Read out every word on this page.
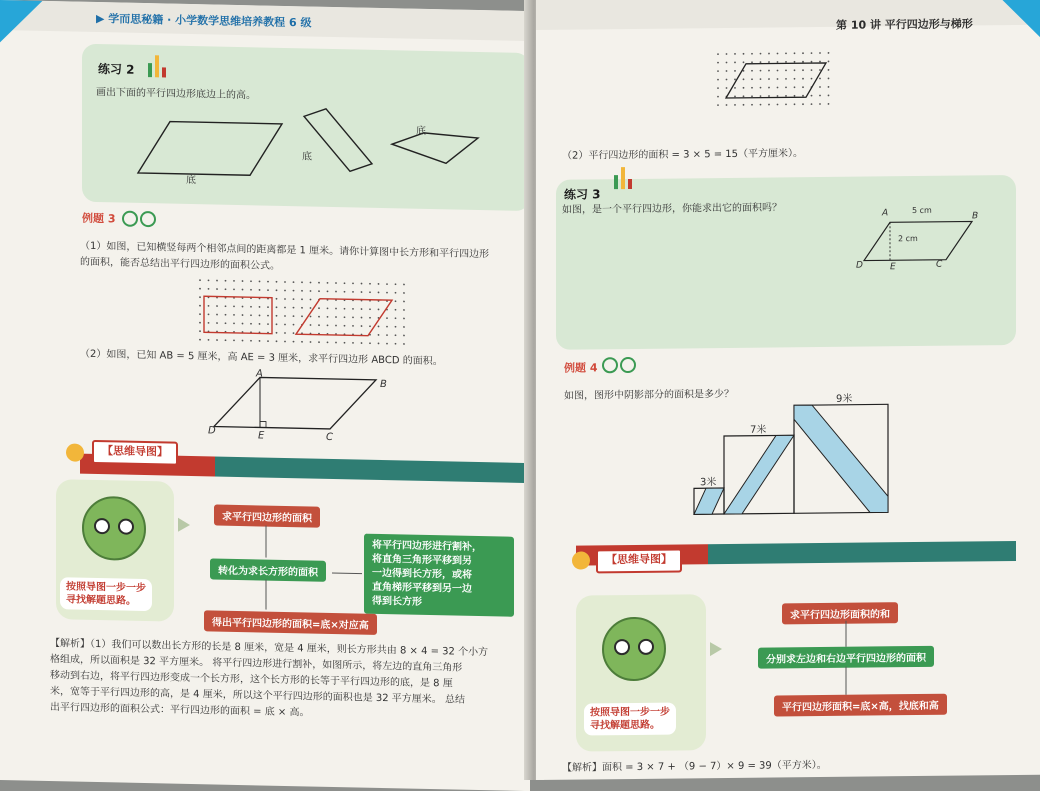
▶ 学而思秘籍 · 小学数学思维培养教程 6 级
练习 2
画出下面的平行四边形底边上的高。
底
底
底
例题 3
（1）如图，已知横竖每两个相邻点间的距离都是 1 厘米。请你计算图中长方形和平行四边形
的面积，能否总结出平行四边形的面积公式。
（2）如图，已知 AB = 5 厘米，高 AE = 3 厘米，求平行四边形 ABCD 的面积。
A
B
C
D	E
【思维导图】
按照导图一步一步
寻找解题思路。
求平行四边形的面积
转化为求长方形的面积
将平行四边形进行割补，
将直角三角形平移到另
一边得到长方形，或将
直角梯形平移到另一边
得到长方形
得出平行四边形的面积=底×对应高
【解析】（1）我们可以数出长方形的长是 8 厘米，宽是 4 厘米，则长方形共由 8 × 4 = 32 个小方
格组成，所以面积是 32 平方厘米。 将平行四边形进行割补，如图所示，将左边的直角三角形
移动到右边，将平行四边形变成一个长方形，这个长方形的长等于平行四边形的底，是 8 厘
米，宽等于平行四边形的高，是 4 厘米，所以这个平行四边形的面积也是 32 平方厘米。 总结
出平行四边形的面积公式：平行四边形的面积 = 底 × 高。
第 10 讲 平行四边形与梯形
（2）平行四边形的面积 = 3 × 5 = 15（平方厘米）。
练习 3
如图，是一个平行四边形，你能求出它的面积吗？	5 cm
2 cm
A	B
C
D	E
例题 4
如图，图形中阴影部分的面积是多少？	9米
7米
3米
【思维导图】
按照导图一步一步
寻找解题思路。
求平行四边形面积的和
分别求左边和右边平行四边形的面积
平行四边形面积=底×高，找底和高
【解析】面积 = 3 × 7 + （9 − 7）× 9 = 39（平方米）。
